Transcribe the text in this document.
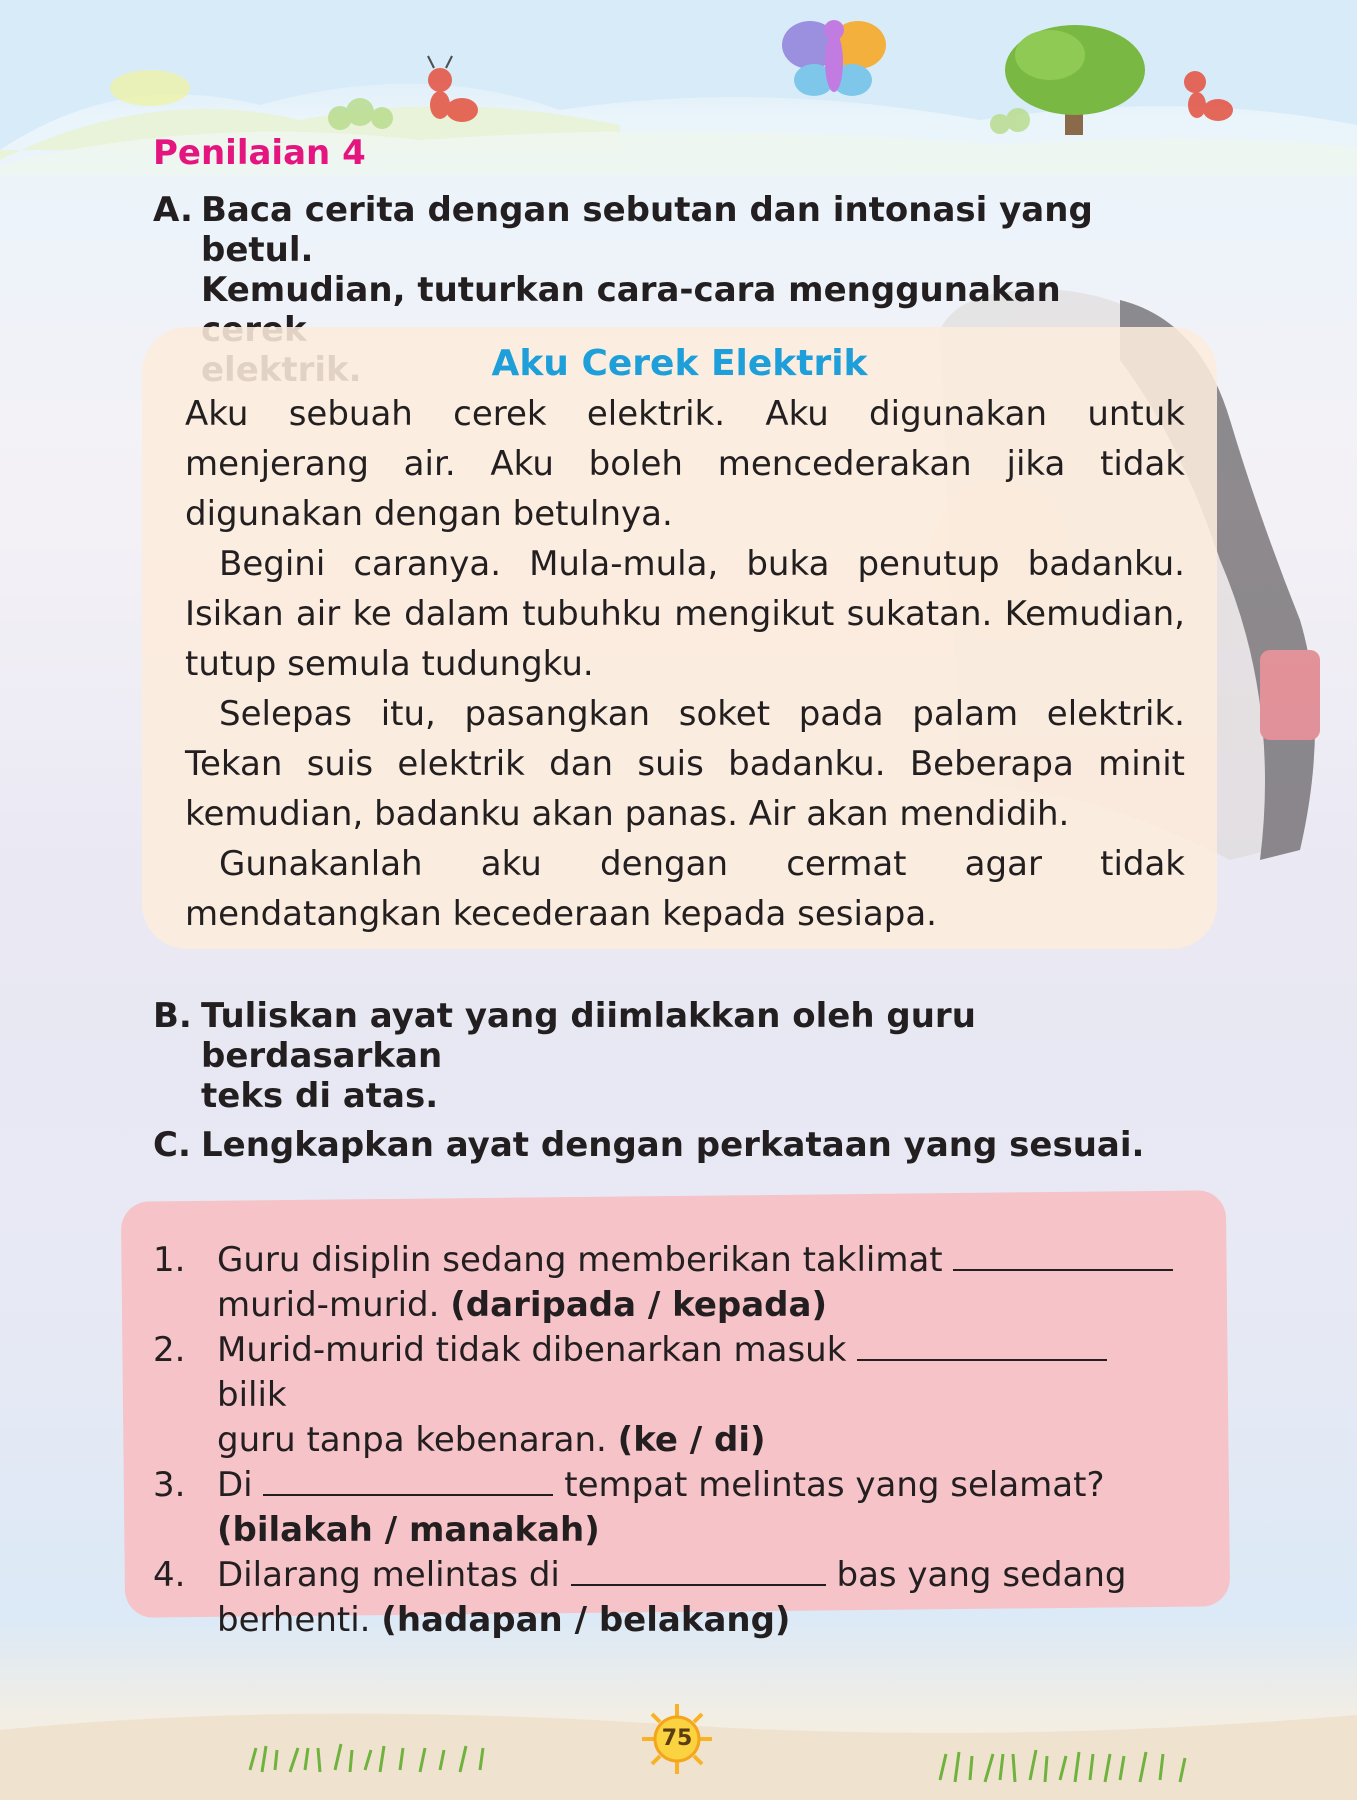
Penilaian 4
A. Baca cerita dengan sebutan dan intonasi yang betul.
Kemudian, tuturkan cara-cara menggunakan
Aku Cerek Elektrik

Aku sebuah cerek elektrik. Aku digunakan untuk menjerang air. Aku boleh mencederakan jika tidak digunakan dengan betulnya.

Begini caranya. Mula-mula, buka penutup badanku. Isikan air ke dalam tubuhku mengikut sukatan. Kemudian, tutup semula tudungku.

Selepas itu, pasangkan soket pada palam elektrik. Tekan suis elektrik dan suis badanku. Beberapa minit kemudian, badanku akan panas. Air akan mendidih.

Gunakanlah aku dengan cermat agar tidak mendatangkan kecederaan kepada sesiapa.

B. Tuliskan ayat yang diimlakkan oleh guru berdasarkan
teks di atas.
C. Lengkapkan ayat dengan perkataan yang sesuai.
1. Guru disiplin sedang memberikan taklimat
murid-murid. (daripada / kepada)
2. Murid-murid tidak dibenarkan masuk  bilik
guru tanpa kebenaran. (ke / di)
3. Di	tempat melintas yang selamat?
(bilakah / manakah)
4. Dilarang melintas di	bas yang sedang
berhenti. (hadapan / belakang)
75
